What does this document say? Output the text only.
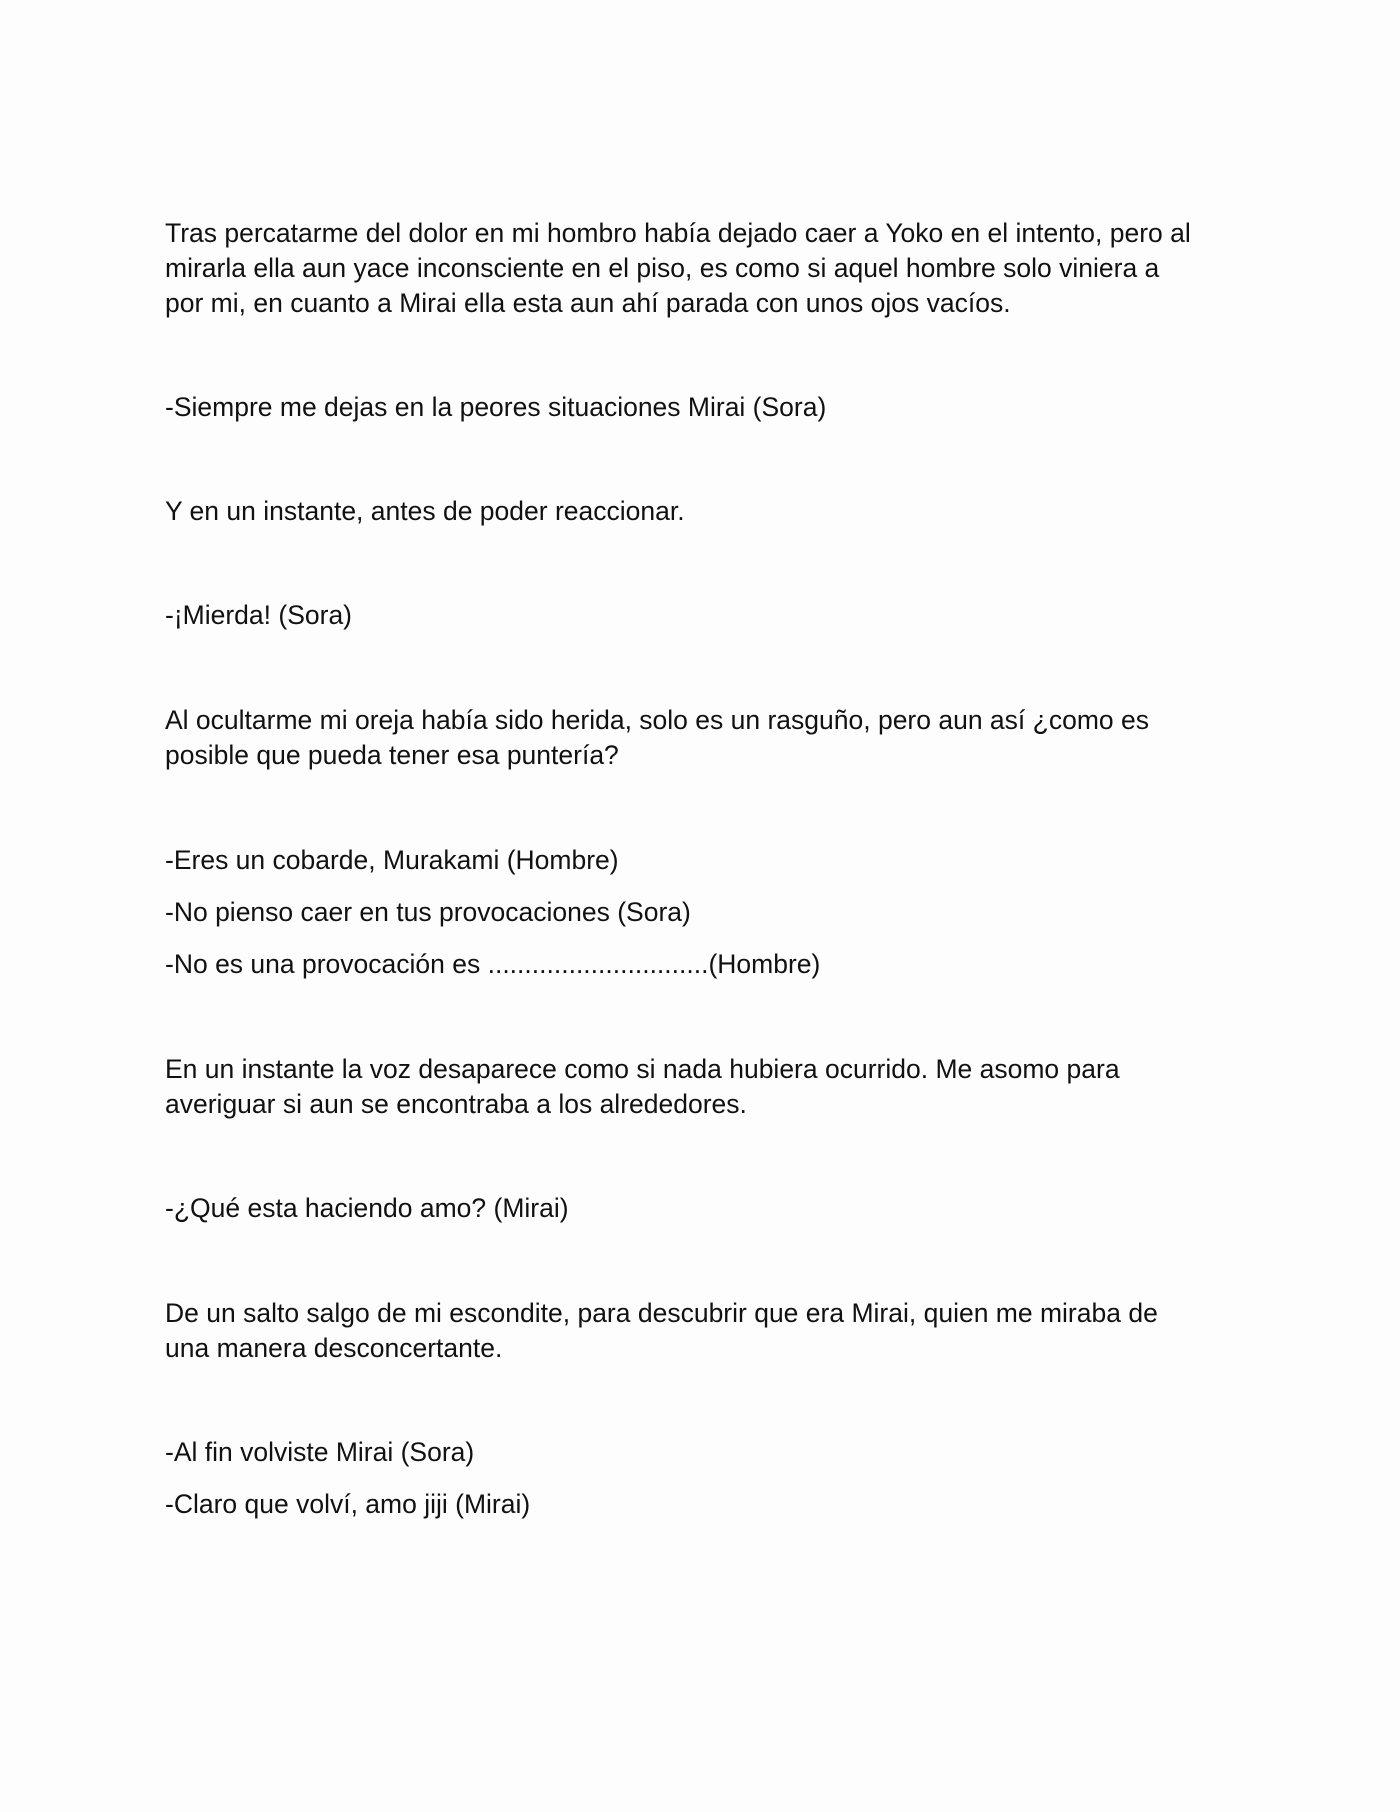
Tras percatarme del dolor en mi hombro había dejado caer a Yoko en el intento, pero al
mirarla ella aun yace inconsciente en el piso, es como si aquel hombre solo viniera a
por mi, en cuanto a Mirai ella esta aun ahí parada con unos ojos vacíos.

-Siempre me dejas en la peores situaciones Mirai (Sora)

Y en un instante, antes de poder reaccionar.

-¡Mierda! (Sora)

Al ocultarme mi oreja había sido herida, solo es un rasguño, pero aun así ¿como es
posible que pueda tener esa puntería?

-Eres un cobarde, Murakami (Hombre)

-No pienso caer en tus provocaciones (Sora)

-No es una provocación es ..............................(Hombre)

En un instante la voz desaparece como si nada hubiera ocurrido. Me asomo para
averiguar si aun se encontraba a los alrededores.

-¿Qué esta haciendo amo? (Mirai)

De un salto salgo de mi escondite, para descubrir que era Mirai, quien me miraba de
una manera desconcertante.

-Al fin volviste Mirai (Sora)

-Claro que volví, amo jiji (Mirai)
